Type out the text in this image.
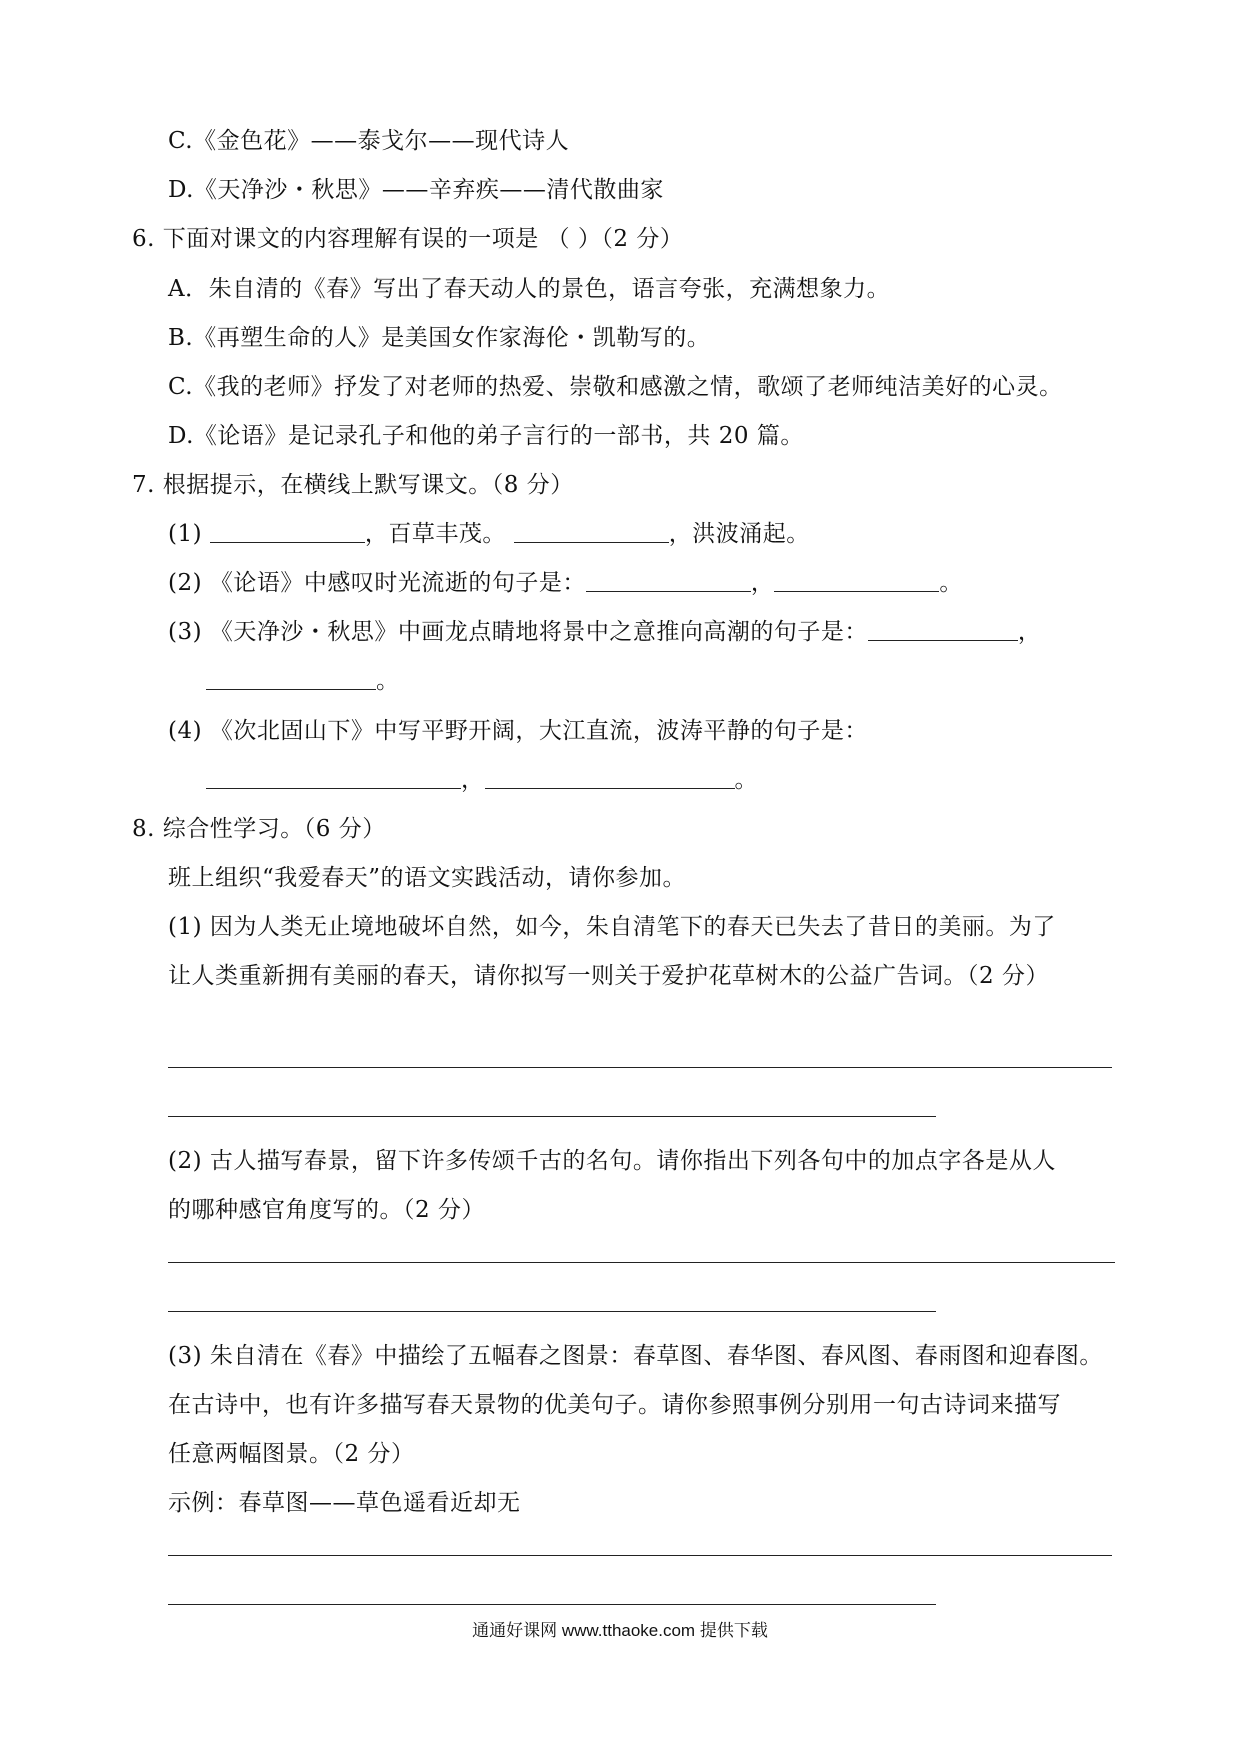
C.《金色花》——泰戈尔——现代诗人
D.《天净沙・秋思》——辛弃疾——清代散曲家
6. 下面对课文的内容理解有误的一项是 （ ）（2 分）
A．朱自清的《春》写出了春天动人的景色，语言夸张，充满想象力。
B.《再塑生命的人》是美国女作家海伦・凯勒写的。
C.《我的老师》抒发了对老师的热爱、崇敬和感激之情，歌颂了老师纯洁美好的心灵。
D.《论语》是记录孔子和他的弟子言行的一部书，共 20 篇。
7. 根据提示，在横线上默写课文。（8 分）
(1)	，百草丰茂。	，洪波涌起。
(2) 《论语》中感叹时光流逝的句子是：	，	。
(3) 《天净沙・秋思》中画龙点睛地将景中之意推向高潮的句子是：	，
。
(4) 《次北固山下》中写平野开阔，大江直流，波涛平静的句子是：
，	。
8. 综合性学习。（6 分）
班上组织“我爱春天”的语文实践活动，请你参加。
(1) 因为人类无止境地破坏自然，如今，朱自清笔下的春天已失去了昔日的美丽。为了
让人类重新拥有美丽的春天，请你拟写一则关于爱护花草树木的公益广告词。（2 分）
(2) 古人描写春景，留下许多传颂千古的名句。请你指出下列各句中的加点字各是从人
的哪种感官角度写的。（2 分）
(3) 朱自清在《春》中描绘了五幅春之图景：春草图、春华图、春风图、春雨图和迎春图。
在古诗中，也有许多描写春天景物的优美句子。请你参照事例分别用一句古诗词来描写
任意两幅图景。（2 分）
示例：春草图——草色遥看近却无
通通好课网 www.tthaoke.com 提供下载
